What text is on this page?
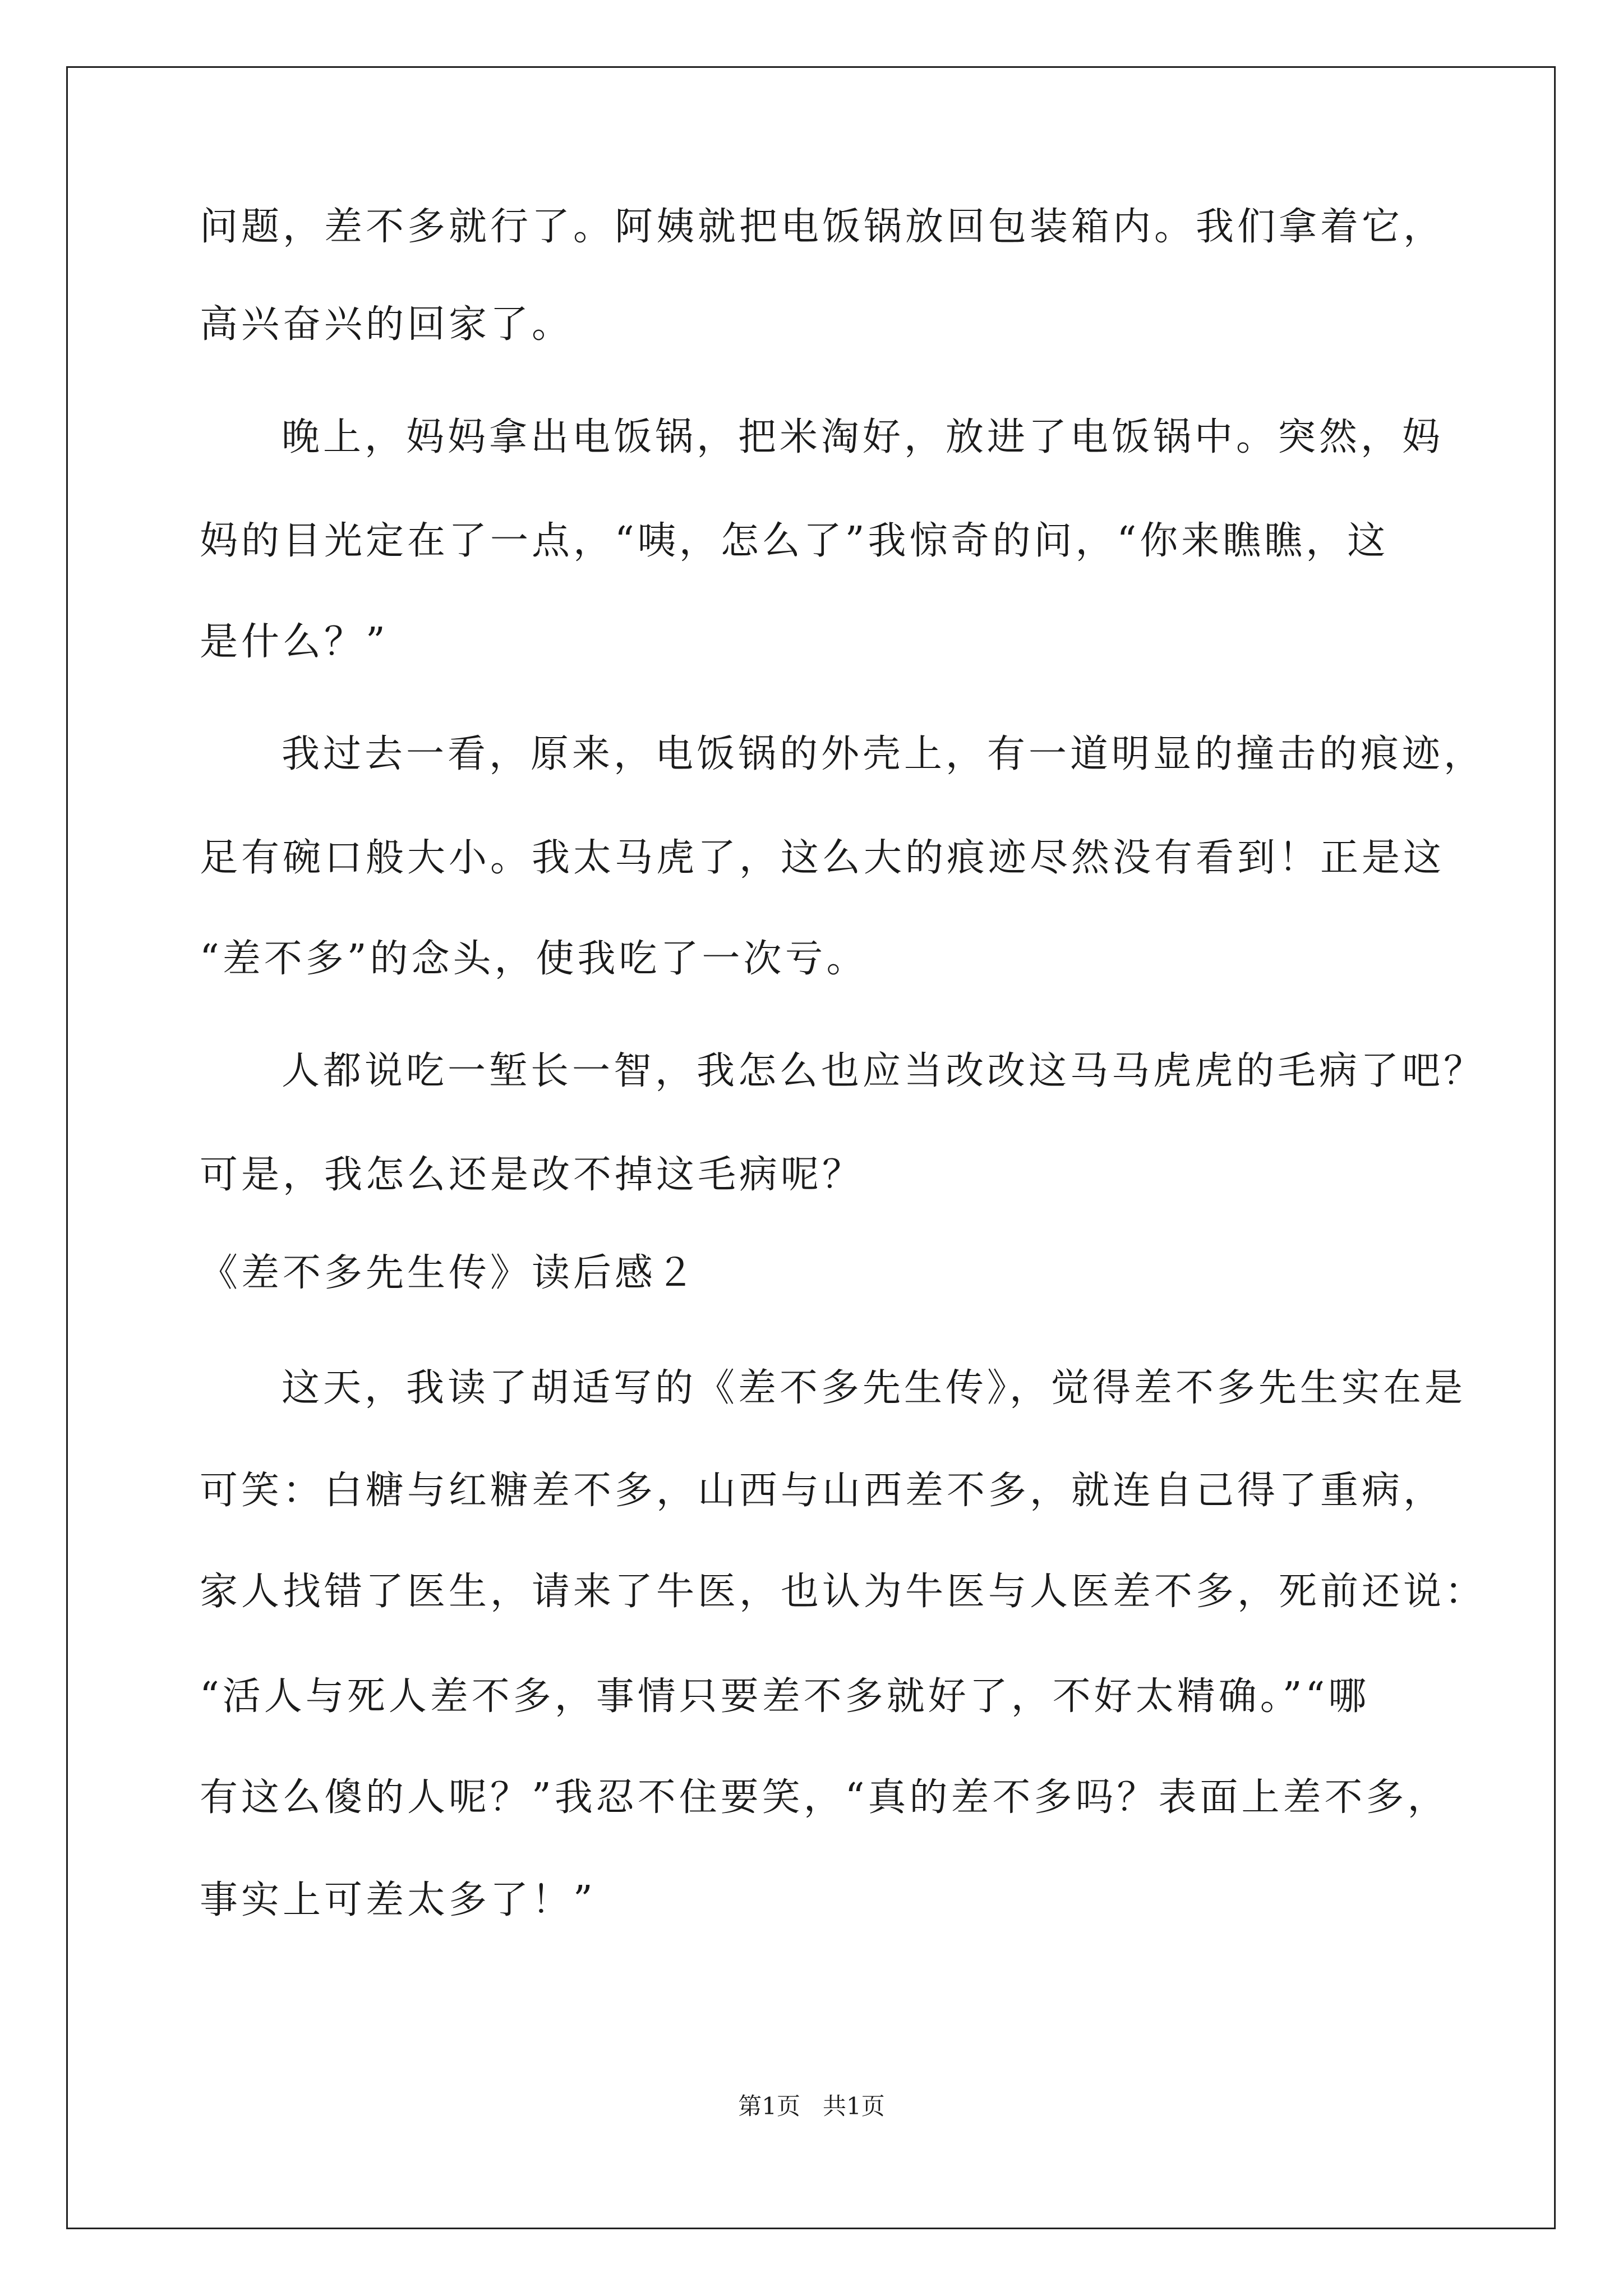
问题，差不多就行了。阿姨就把电饭锅放回包装箱内。我们拿着它，
高兴奋兴的回家了。
晚上，妈妈拿出电饭锅，把米淘好，放进了电饭锅中。突然，妈
妈的目光定在了一点，“咦，怎么了”我惊奇的问，“你来瞧瞧，这
是什么？”
我过去一看，原来，电饭锅的外壳上，有一道明显的撞击的痕迹，
足有碗口般大小。我太马虎了，这么大的痕迹尽然没有看到！正是这
“差不多”的念头，使我吃了一次亏。
人都说吃一堑长一智，我怎么也应当改改这马马虎虎的毛病了吧？
可是，我怎么还是改不掉这毛病呢？
《差不多先生传》读后感２
这天，我读了胡适写的《差不多先生传》，觉得差不多先生实在是
可笑：白糖与红糖差不多，山西与山西差不多，就连自己得了重病，
家人找错了医生，请来了牛医，也认为牛医与人医差不多，死前还说：
“活人与死人差不多，事情只要差不多就好了，不好太精确。”“哪
有这么傻的人呢？”我忍不住要笑，“真的差不多吗？表面上差不多，
事实上可差太多了！”
第1页   共1页
